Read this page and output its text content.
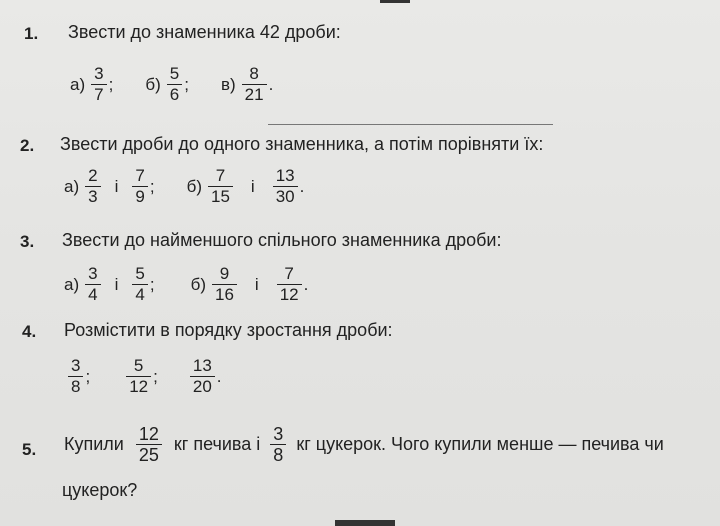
1. Звести до знаменника 42 дроби:
$а) \frac{3}{7}$ ; $б) \frac{5}{6}$ ; $в) \frac{8}{21}$ .
2. Звести дроби до одного знаменника, а потім порівняти їх:
$а) \frac{2}{3}$ і $\frac{7}{9}$ ; $б) \frac{7}{15}$ і $\frac{13}{30}$ .
3. Звести до найменшого спільного знаменника дроби:
$а) \frac{3}{4}$ і $\frac{5}{4}$ ; $б) \frac{9}{16}$ і $\frac{7}{12}$ .
4. Розмістити в порядку зростання дроби:
$\frac{3}{8}$ ; $\frac{5}{12}$ ; $\frac{13}{20}$ .
5. Купили $\frac{12}{25}$ кг печива і $\frac{3}{8}$ кг цукерок. Чого купили менше — печива чи
цукерок?
